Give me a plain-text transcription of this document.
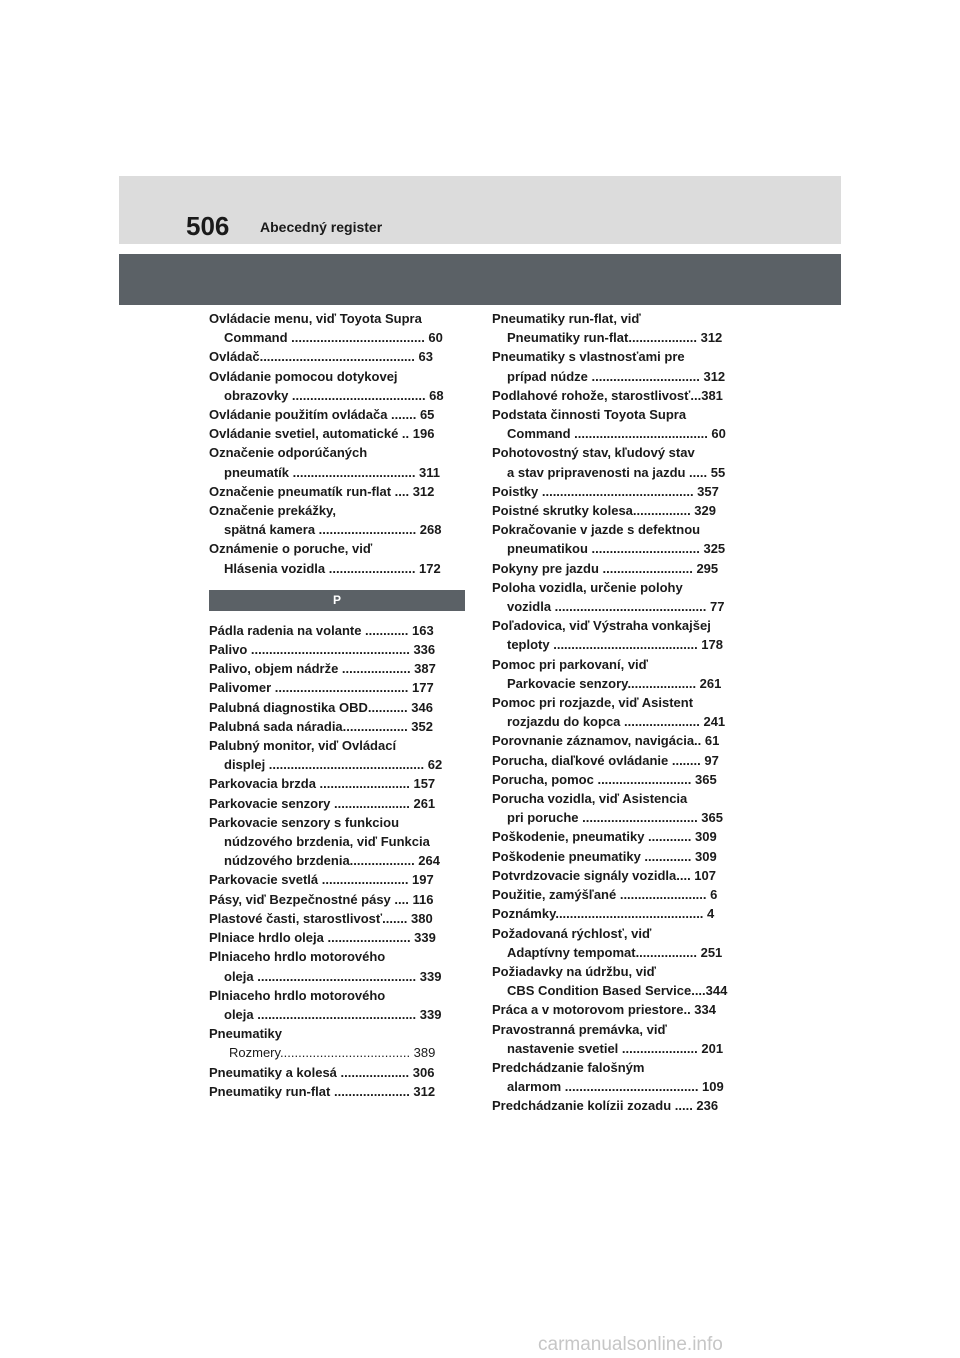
506 Abecedný register
Ovládacie menu, viď Toyota Supra
Command ..................................... 60
Ovládač........................................... 63
Ovládanie pomocou dotykovej
obrazovky ..................................... 68
Ovládanie použitím ovládača ....... 65
Ovládanie svetiel, automatické .. 196
Označenie odporúčaných
pneumatík .................................. 311
Označenie pneumatík run-flat .... 312
Označenie prekážky,
spätná kamera ........................... 268
Oznámenie o poruche, viď
Hlásenia vozidla ........................ 172
P
Pádla radenia na volante ............ 163
Palivo ............................................ 336
Palivo, objem nádrže ................... 387
Palivomer ..................................... 177
Palubná diagnostika OBD........... 346
Palubná sada náradia.................. 352
Palubný monitor, viď Ovládací
displej ........................................... 62
Parkovacia brzda ......................... 157
Parkovacie senzory ..................... 261
Parkovacie senzory s funkciou
núdzového brzdenia, viď Funkcia
núdzového brzdenia.................. 264
Parkovacie svetlá ........................ 197
Pásy, viď Bezpečnostné pásy .... 116
Plastové časti, starostlivosť....... 380
Plniace hrdlo oleja ....................... 339
Plniaceho hrdlo motorového
oleja ............................................ 339
Plniaceho hrdlo motorového
oleja ............................................ 339
Pneumatiky
Rozmery.................................... 389
Pneumatiky a kolesá ................... 306
Pneumatiky run-flat ..................... 312
Pneumatiky run-flat, viď
Pneumatiky run-flat................... 312
Pneumatiky s vlastnosťami pre
prípad núdze .............................. 312
Podlahové rohože, starostlivosť...381
Podstata činnosti Toyota Supra
Command ..................................... 60
Pohotovostný stav, kľudový stav
a stav pripravenosti na jazdu ..... 55
Poistky .......................................... 357
Poistné skrutky kolesa................ 329
Pokračovanie v jazde s defektnou
pneumatikou .............................. 325
Pokyny pre jazdu ......................... 295
Poloha vozidla, určenie polohy
vozidla .......................................... 77
Poľadovica, viď Výstraha vonkajšej
teploty ........................................ 178
Pomoc pri parkovaní, viď
Parkovacie senzory................... 261
Pomoc pri rozjazde, viď Asistent
rozjazdu do kopca ..................... 241
Porovnanie záznamov, navigácia.. 61
Porucha, diaľkové ovládanie ........ 97
Porucha, pomoc .......................... 365
Porucha vozidla, viď Asistencia
pri poruche ................................ 365
Poškodenie, pneumatiky ............ 309
Poškodenie pneumatiky ............. 309
Potvrdzovacie signály vozidla.... 107
Použitie, zamýšľané ........................ 6
Poznámky......................................... 4
Požadovaná rýchlosť, viď
Adaptívny tempomat................. 251
Požiadavky na údržbu, viď
CBS Condition Based Service....344
Práca a v motorovom priestore.. 334
Pravostranná premávka, viď
nastavenie svetiel ..................... 201
Predchádzanie falošným
alarmom ..................................... 109
Predchádzanie kolízii zozadu ..... 236
carmanualsonline.info
